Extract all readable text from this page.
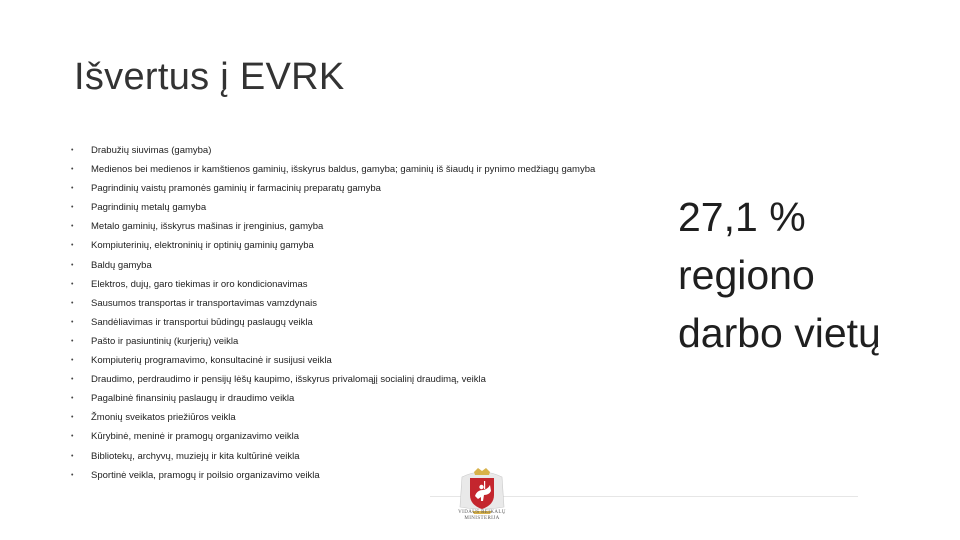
Išvertus į EVRK
• Drabužių siuvimas (gamyba)
• Medienos bei medienos ir kamštienos gaminių, išskyrus baldus, gamyba; gaminių iš šiaudų ir pynimo medžiagų gamyba
• Pagrindinių vaistų pramonės gaminių ir farmacinių preparatų gamyba
• Pagrindinių metalų gamyba
• Metalo gaminių, išskyrus mašinas ir įrenginius, gamyba
• Kompiuterinių, elektroninių ir optinių gaminių gamyba
• Baldų gamyba
• Elektros, dujų, garo tiekimas ir oro kondicionavimas
• Sausumos transportas ir transportavimas vamzdynais
• Sandėliavimas ir transportui būdingų paslaugų veikla
• Pašto ir pasiuntinių (kurjerių) veikla
• Kompiuterių programavimo, konsultacinė ir susijusi veikla
• Draudimo, perdraudimo ir pensijų lėšų kaupimo, išskyrus privalomąjį socialinį draudimą, veikla
• Pagalbinė finansinių paslaugų ir draudimo veikla
• Žmonių sveikatos priežiūros veikla
• Kūrybinė, meninė ir pramogų organizavimo veikla
• Bibliotekų, archyvų, muziejų ir kita kultūrinė veikla
• Sportinė veikla, pramogų ir poilsio organizavimo veikla
27,1 %
regiono
darbo vietų
VIDAUS REIKALŲ
MINISTERIJA
